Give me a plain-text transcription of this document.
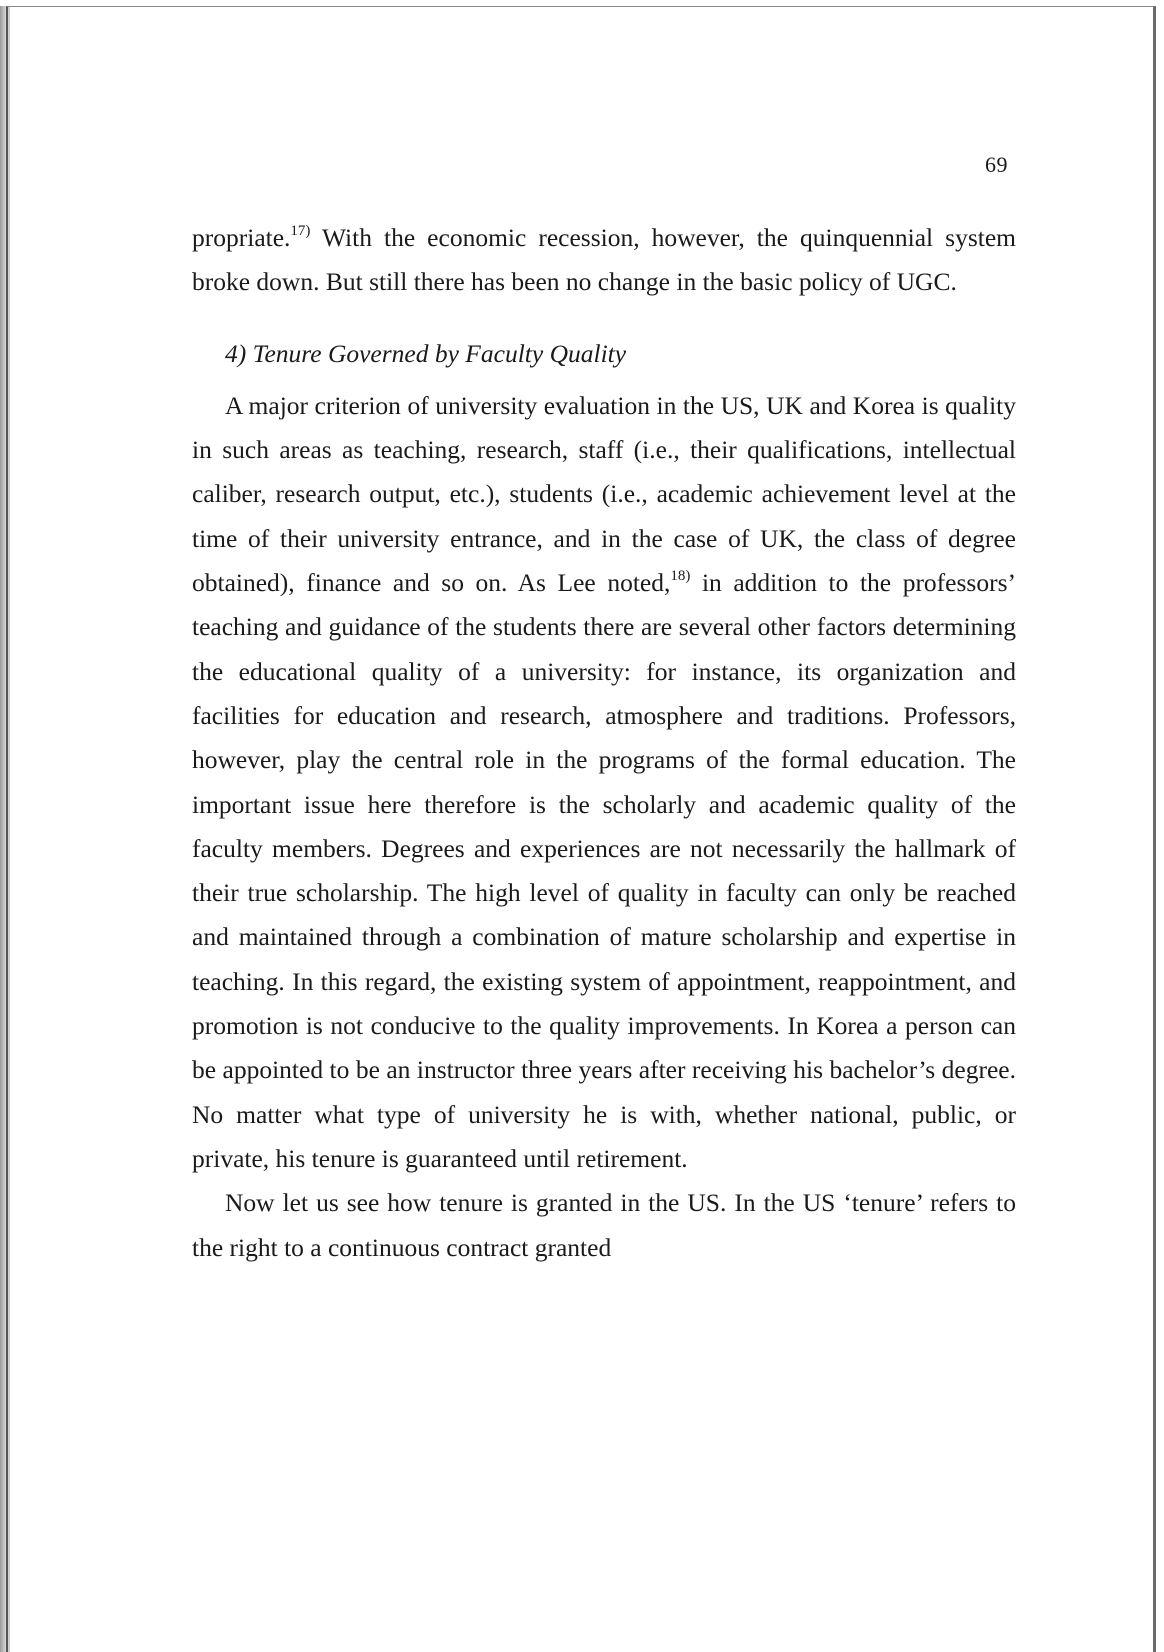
69

propriate.$^{17)}$ With the economic recession, however, the quinquennial system broke down. But still there has been no change in the basic policy of UGC.

4) Tenure Governed by Faculty Quality

A major criterion of university evaluation in the US, UK and Korea is quality in such areas as teaching, research, staff (i.e., their qualifications, intellectual caliber, research output, etc.), students (i.e., academic achievement level at the time of their university entrance, and in the case of UK, the class of degree obtained), finance and so on. As Lee noted,$^{18)}$ in addition to the professors’ teaching and guidance of the students there are several other factors determining the educational quality of a university: for instance, its organization and facilities for education and research, atmosphere and traditions. Professors, however, play the central role in the programs of the formal education. The important issue here therefore is the scholarly and academic quality of the faculty members. Degrees and experiences are not necessarily the hallmark of their true scholarship. The high level of quality in faculty can only be reached and maintained through a combination of mature scholarship and expertise in teaching. In this regard, the existing system of appointment, reappointment, and promotion is not conducive to the quality improvements. In Korea a person can be appointed to be an instructor three years after receiving his bachelor’s degree. No matter what type of university he is with, whether national, public, or private, his tenure is guaranteed until retirement.

Now let us see how tenure is granted in the US. In the US ‘tenure’ refers to the right to a continuous contract granted
